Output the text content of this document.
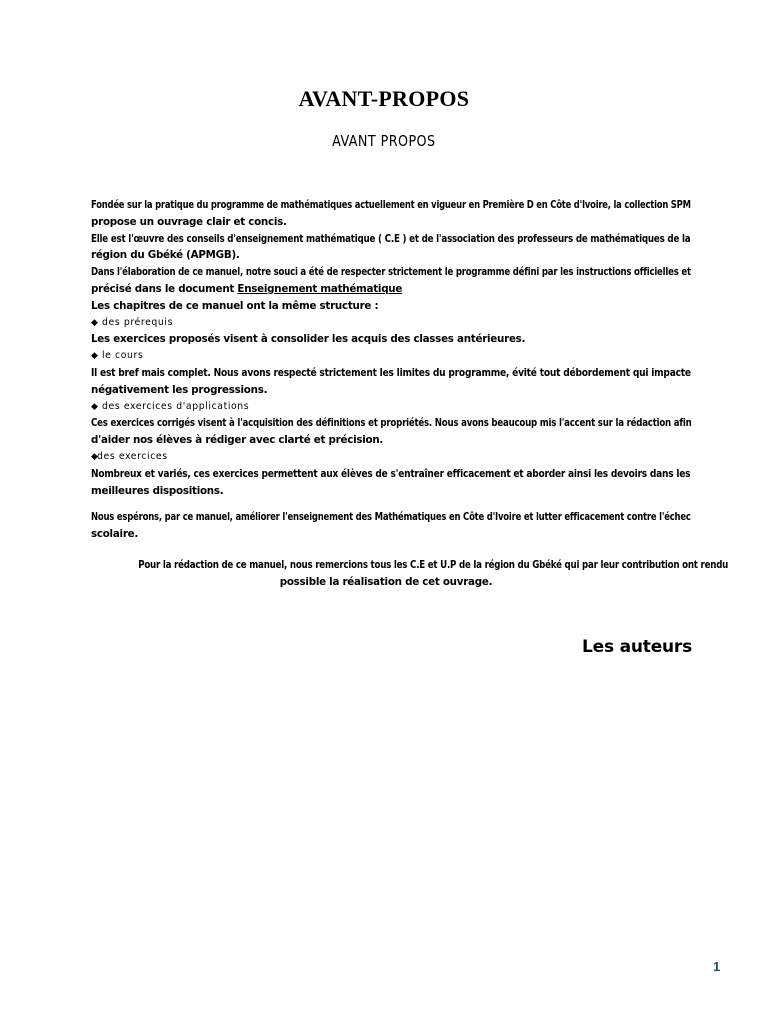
AVANT-PROPOS
AVANT PROPOS
Fondée sur la pratique du programme de mathématiques actuellement en vigueur en Première D en Côte d'Ivoire, la collection SPM
propose un ouvrage clair et concis.
Elle est l'œuvre des conseils d'enseignement mathématique ( C.E ) et de l'association des professeurs de mathématiques de la
région du Gbéké (APMGB).
Dans l'élaboration de ce manuel, notre souci a été de respecter strictement le programme défini par les instructions officielles et
précisé dans le document Enseignement mathématique
Les chapitres de ce manuel ont la même structure :
◆ des prérequis
Les exercices proposés visent à consolider les acquis des classes antérieures.
◆ le cours
Il est bref mais complet. Nous avons respecté strictement les limites du programme, évité tout débordement qui impacte
négativement les progressions.
◆ des exercices d'applications
Ces exercices corrigés visent à l'acquisition des définitions et propriétés. Nous avons beaucoup mis l'accent sur la rédaction afin
d'aider nos élèves à rédiger avec clarté et précision.
◆des exercices
Nombreux et variés, ces exercices permettent aux élèves de s'entraîner efficacement et aborder ainsi les devoirs dans les
meilleures dispositions.
Nous espérons, par ce manuel, améliorer l'enseignement des Mathématiques en Côte d'Ivoire et lutter efficacement contre l'échec
scolaire.
Pour la rédaction de ce manuel, nous remercions tous les C.E et U.P de la région du Gbéké qui par leur contribution ont rendu
possible la réalisation de cet ouvrage.
Les auteurs
1
